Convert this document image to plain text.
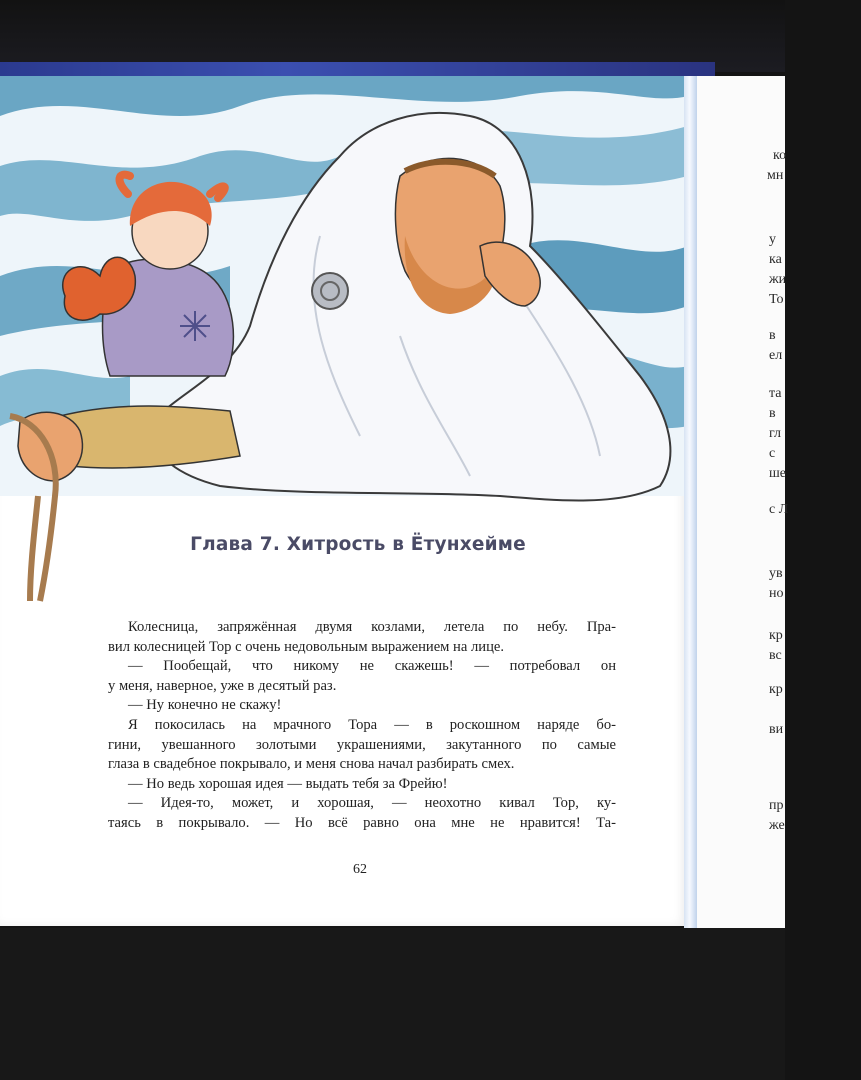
ко
мн
у
ка
жи
То
в
ел
та
в
гл
с
ше
с Л
ув
но
кр
вс
кр
ви
пр
же
Глава 7. Хитрость в Ётунхейме
Колесница, запряжённая двумя козлами, летела по небу. Пра-
вил колесницей Тор с очень недовольным выражением на лице.
— Пообещай, что никому не скажешь! — потребовал он
у меня, наверное, уже в десятый раз.
— Ну конечно не скажу!
Я покосилась на мрачного Тора — в роскошном наряде бо-
гини, увешанного золотыми украшениями, закутанного по самые
глаза в свадебное покрывало, и меня снова начал разбирать смех.
— Но ведь хорошая идея — выдать тебя за Фрейю!
— Идея-то, может, и хорошая, — неохотно кивал Тор, ку-
таясь в покрывало. — Но всё равно она мне не нравится! Та-
62
